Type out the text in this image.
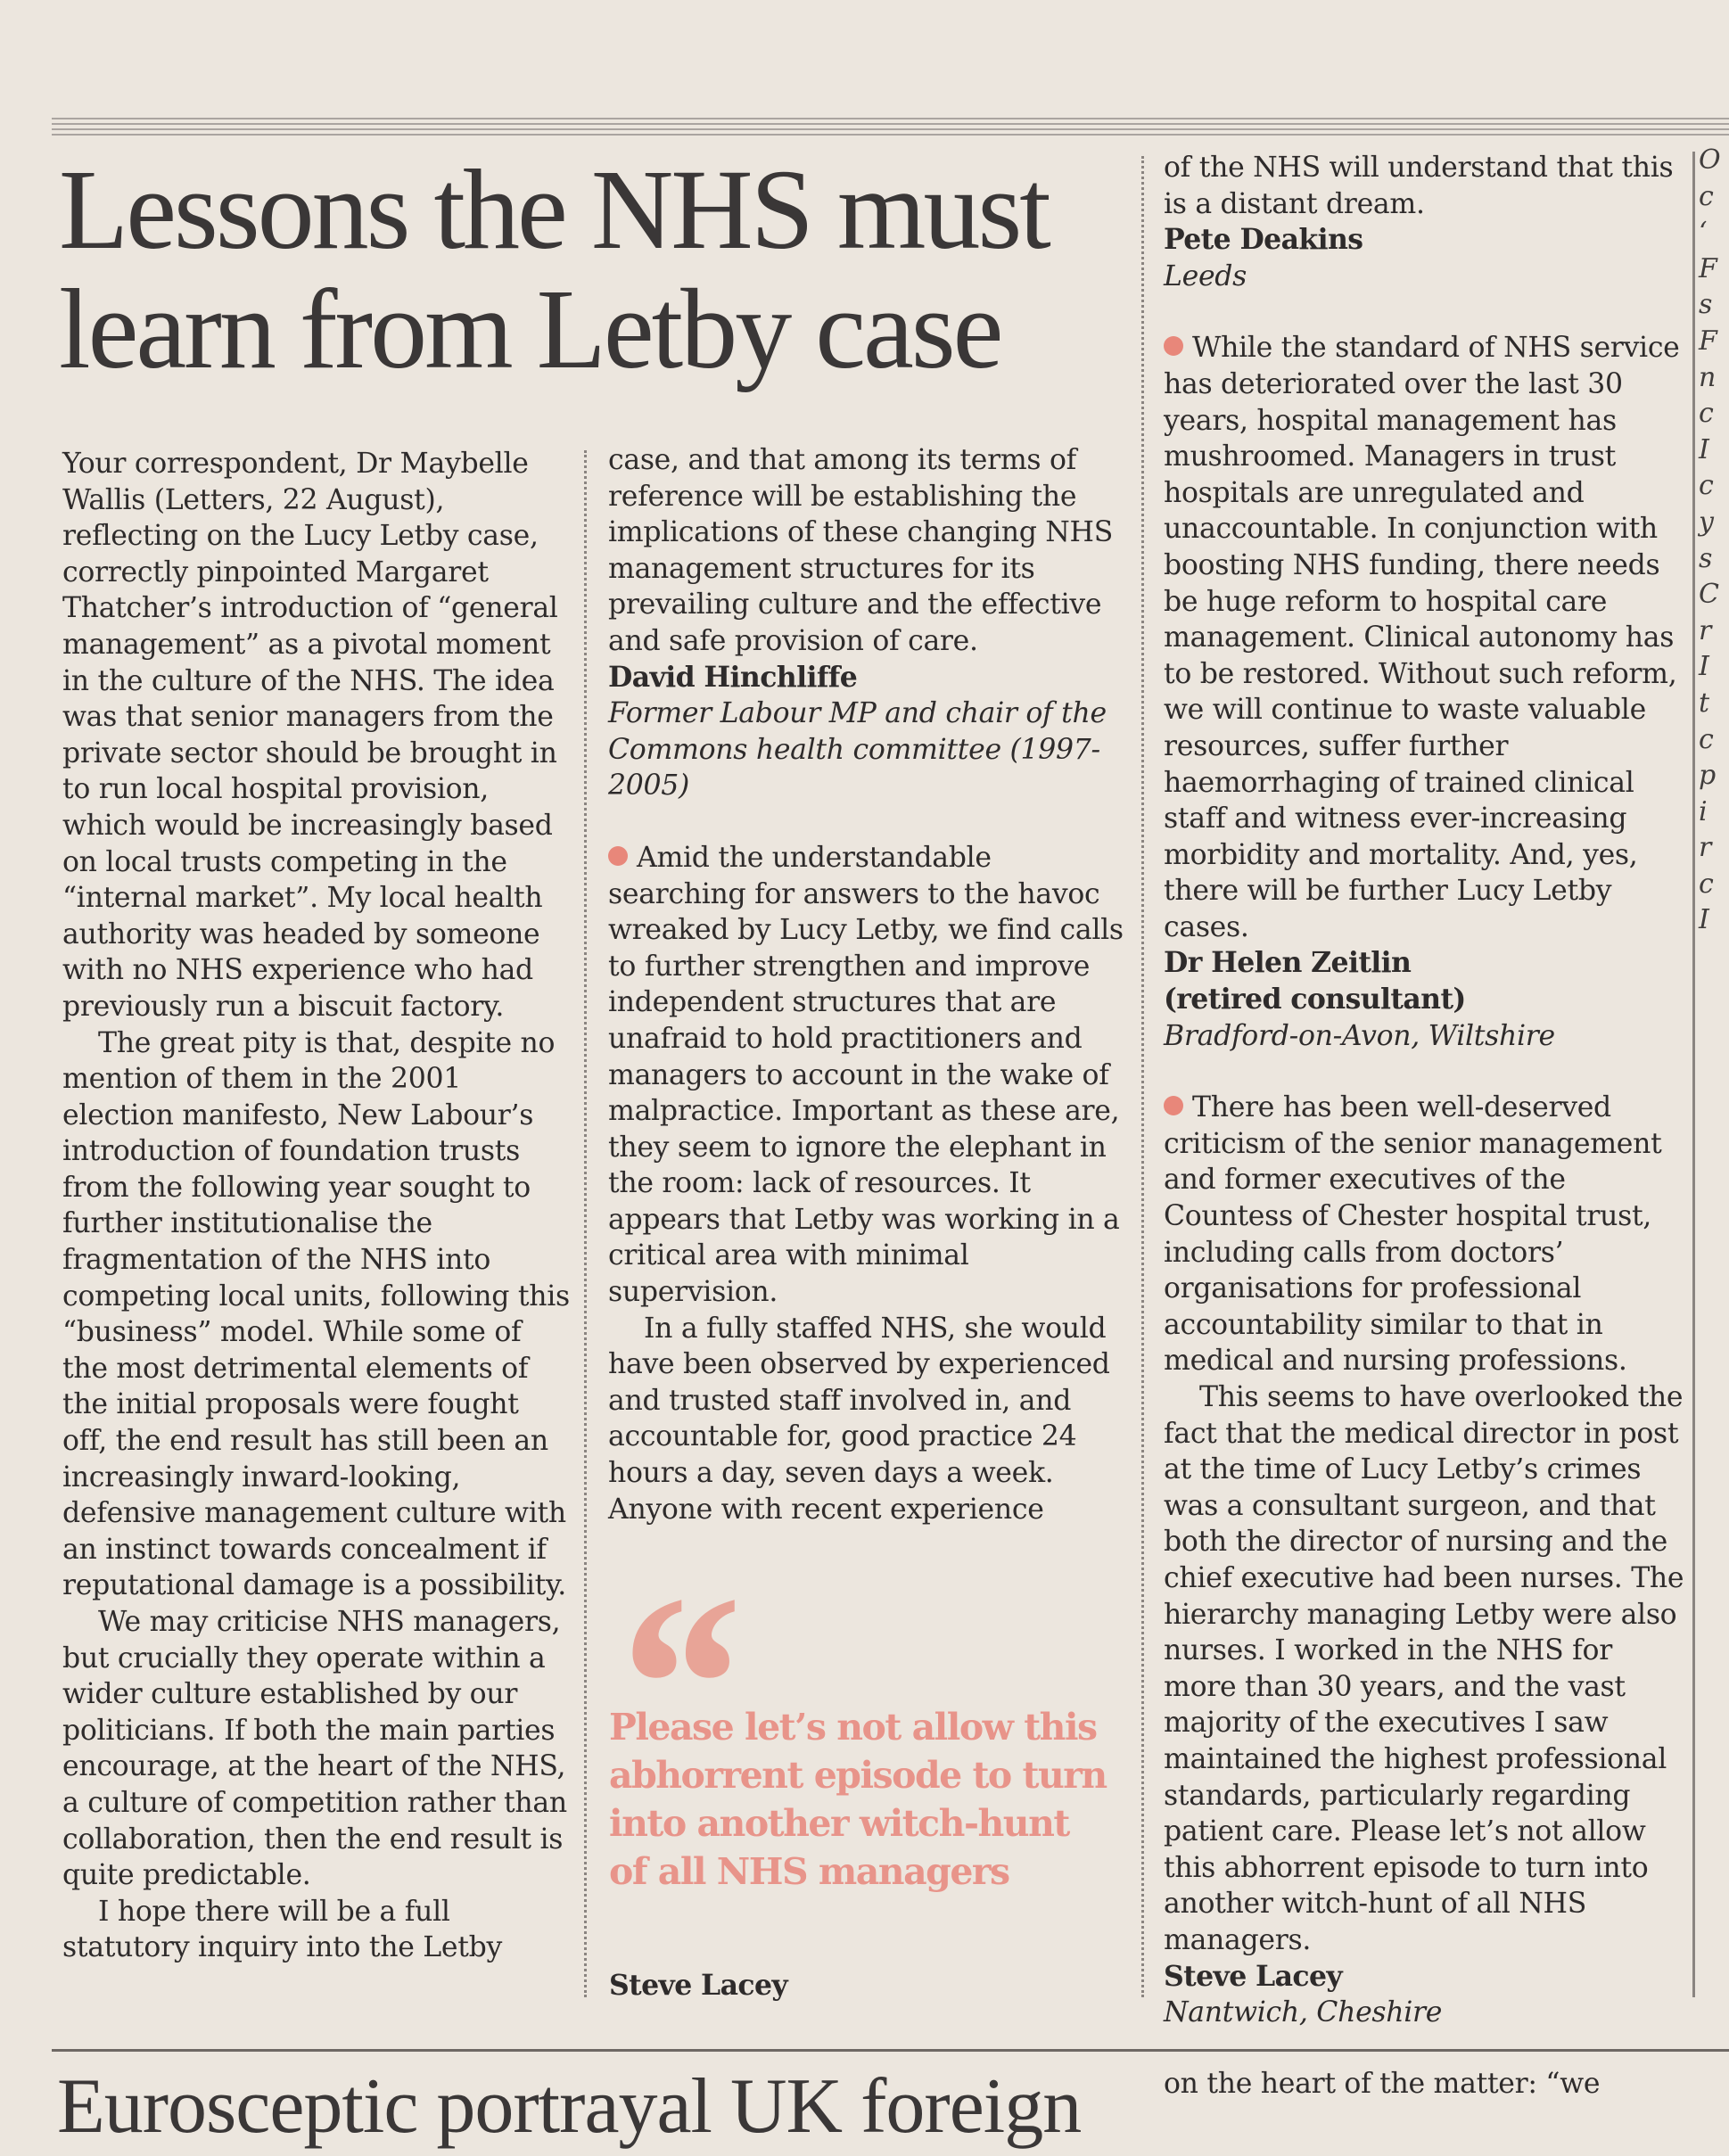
Lessons the NHS must learn from Letby case

Your correspondent, Dr Maybelle Wallis (Letters, 22 August), reflecting on the Lucy Letby case, correctly pinpointed Margaret Thatcher’s introduction of “general management” as a pivotal moment in the culture of the NHS. The idea was that senior managers from the private sector should be brought in to run local hospital provision, which would be increasingly based on local trusts competing in the “internal market”. My local health authority was headed by someone with no NHS experience who had previously run a biscuit factory.

The great pity is that, despite no mention of them in the 2001 election manifesto, New Labour’s introduction of foundation trusts from the following year sought to further institutionalise the fragmentation of the NHS into competing local units, following this “business” model. While some of the most detrimental elements of the initial proposals were fought off, the end result has still been an increasingly inward-looking, defensive management culture with an instinct towards concealment if reputational damage is a possibility.

We may criticise NHS managers, but crucially they operate within a wider culture established by our politicians. If both the main parties encourage, at the heart of the NHS, a culture of competition rather than collaboration, then the end result is quite predictable.

I hope there will be a full statutory inquiry into the Letby

case, and that among its terms of reference will be establishing the implications of these changing NHS management structures for its prevailing culture and the effective and safe provision of care.

David Hinchliffe

Former Labour MP and chair of the Commons health committee (1997-2005)

Amid the understandable searching for answers to the havoc wreaked by Lucy Letby, we find calls to further strengthen and improve independent structures that are unafraid to hold practitioners and managers to account in the wake of malpractice. Important as these are, they seem to ignore the elephant in the room: lack of resources. It appears that Letby was working in a critical area with minimal supervision.

In a fully staffed NHS, she would have been observed by experienced and trusted staff involved in, and accountable for, good practice 24 hours a day, seven days a week. Anyone with recent experience

“
Please let’s not allow this abhorrent episode to turn into another witch-hunt of all NHS managers
Steve Lacey

of the NHS will understand that this is a distant dream.

Pete Deakins

Leeds

While the standard of NHS service has deteriorated over the last 30 years, hospital management has mushroomed. Managers in trust hospitals are unregulated and unaccountable. In conjunction with boosting NHS funding, there needs be huge reform to hospital care management. Clinical autonomy has to be restored. Without such reform, we will continue to waste valuable resources, suffer further haemorrhaging of trained clinical staff and witness ever-increasing morbidity and mortality. And, yes, there will be further Lucy Letby cases.

Dr Helen Zeitlin

(retired consultant)

Bradford-on-Avon, Wiltshire

There has been well-deserved criticism of the senior management and former executives of the Countess of Chester hospital trust, including calls from doctors’ organisations for professional accountability similar to that in medical and nursing professions.

This seems to have overlooked the fact that the medical director in post at the time of Lucy Letby’s crimes was a consultant surgeon, and that both the director of nursing and the chief executive had been nurses. The hierarchy managing Letby were also nurses. I worked in the NHS for more than 30 years, and the vast majority of the executives I saw maintained the highest professional standards, particularly regarding patient care. Please let’s not allow this abhorrent episode to turn into another witch-hunt of all NHS managers.

Steve Lacey

Nantwich, Cheshire

O
c
‘
F
s
F
n
c
I
c
y
s
C
r
I
t
c
p
i
r
c
I
Eurosceptic portrayal UK foreign	on the heart of the matter: “we
